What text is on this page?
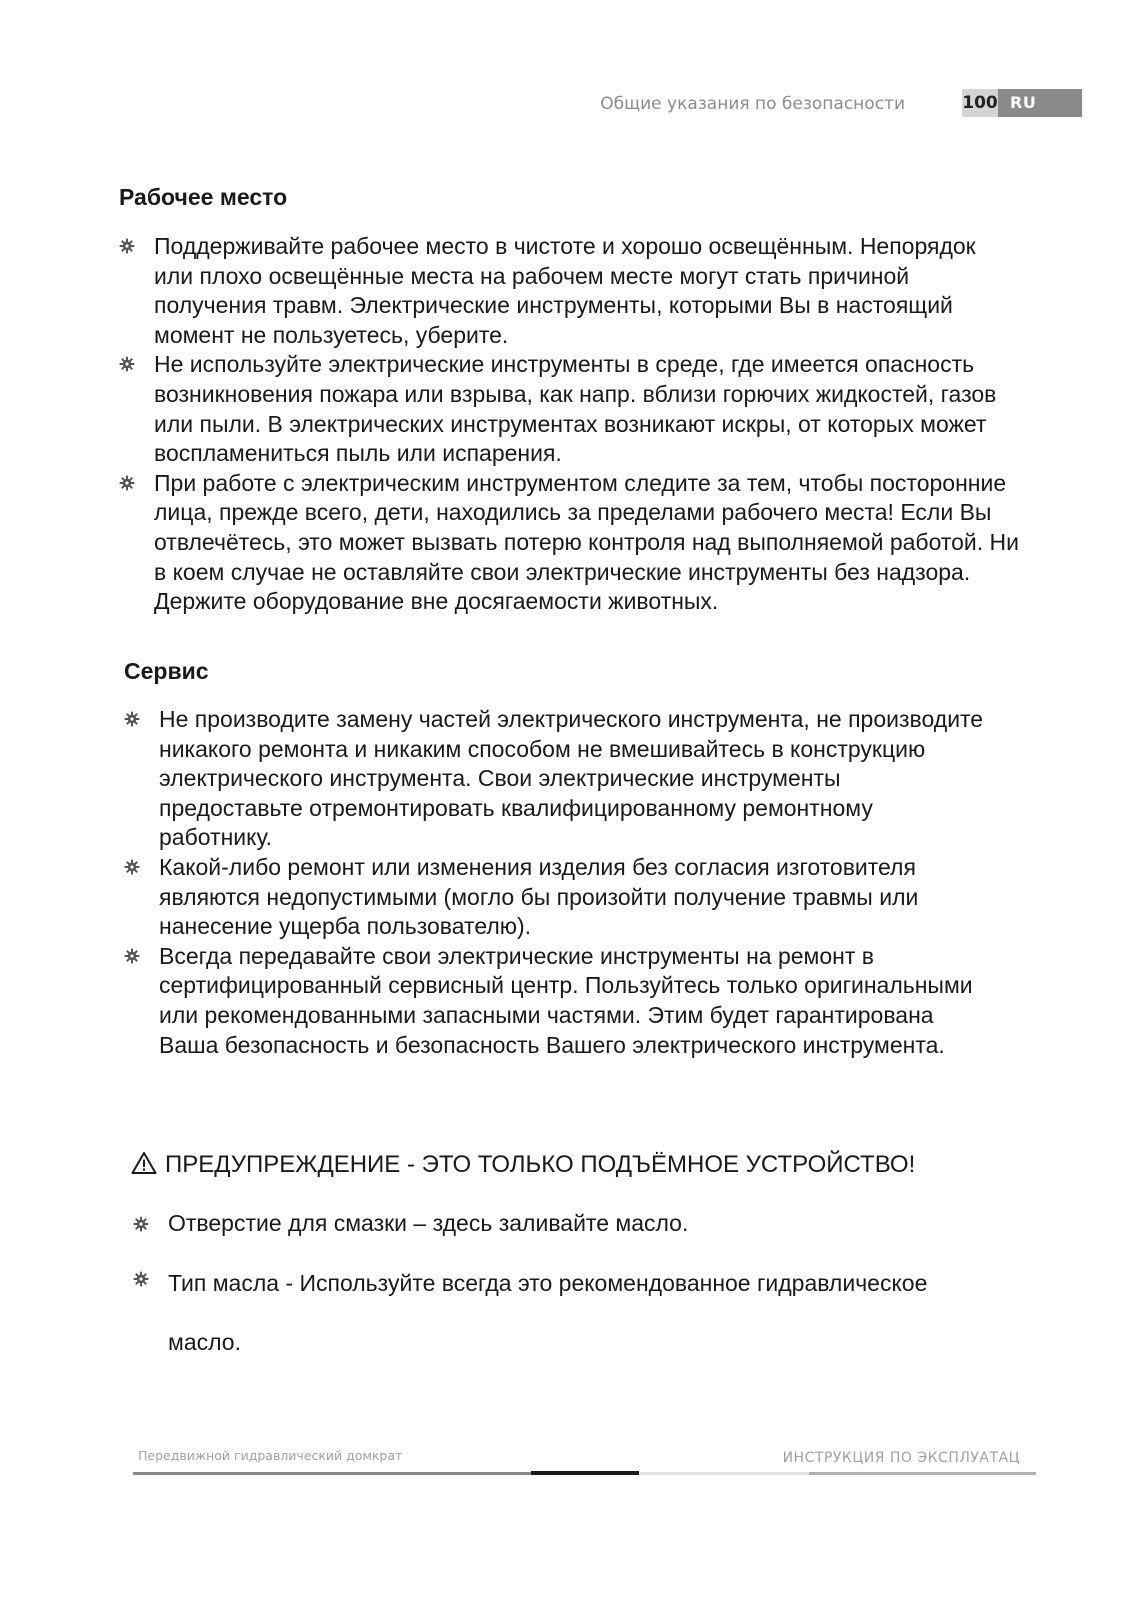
Общие указания по безопасности	100 RU
Рабочее место
Поддерживайте рабочее место в чистоте и хорошо освещённым. Непорядок или плохо освещённые места на рабочем месте могут стать причиной получения травм. Электрические инструменты, которыми Вы в настоящий момент не пользуетесь, уберите.
Не используйте электрические инструменты в среде, где имеется опасность возникновения пожара или взрыва, как напр. вблизи горючих жидкостей, газов или пыли. В электрических инструментах возникают искры, от которых может воспламениться пыль или испарения.
При работе с электрическим инструментом следите за тем, чтобы посторонние лица, прежде всего, дети, находились за пределами рабочего места! Если Вы отвлечётесь, это может вызвать потерю контроля над выполняемой работой. Ни в коем случае не оставляйте свои электрические инструменты без надзора. Держите оборудование вне досягаемости животных.
Сервис
Не производите замену частей электрического инструмента, не производите никакого ремонта и никаким способом не вмешивайтесь в конструкцию электрического инструмента. Свои электрические инструменты предоставьте отремонтировать квалифицированному ремонтному работнику.
Какой-либо ремонт или изменения изделия без согласия изготовителя являются недопустимыми (могло бы произойти получение травмы или нанесение ущерба пользователю).
Всегда передавайте свои электрические инструменты на ремонт в сертифицированный сервисный центр. Пользуйтесь только оригинальными или рекомендованными запасными частями. Этим будет гарантирована Ваша безопасность и безопасность Вашего электрического инструмента.
ПРЕДУПРЕЖДЕНИЕ - ЭТО ТОЛЬКО ПОДЪЁМНОЕ УСТРОЙСТВО!
Отверстие для смазки – здесь заливайте масло.
Тип масла - Используйте всегда это рекомендованное гидравлическое
масло.
Передвижной гидравлический домкрат	ИНСТРУКЦИЯ ПО ЭКСПЛУАТАЦ
